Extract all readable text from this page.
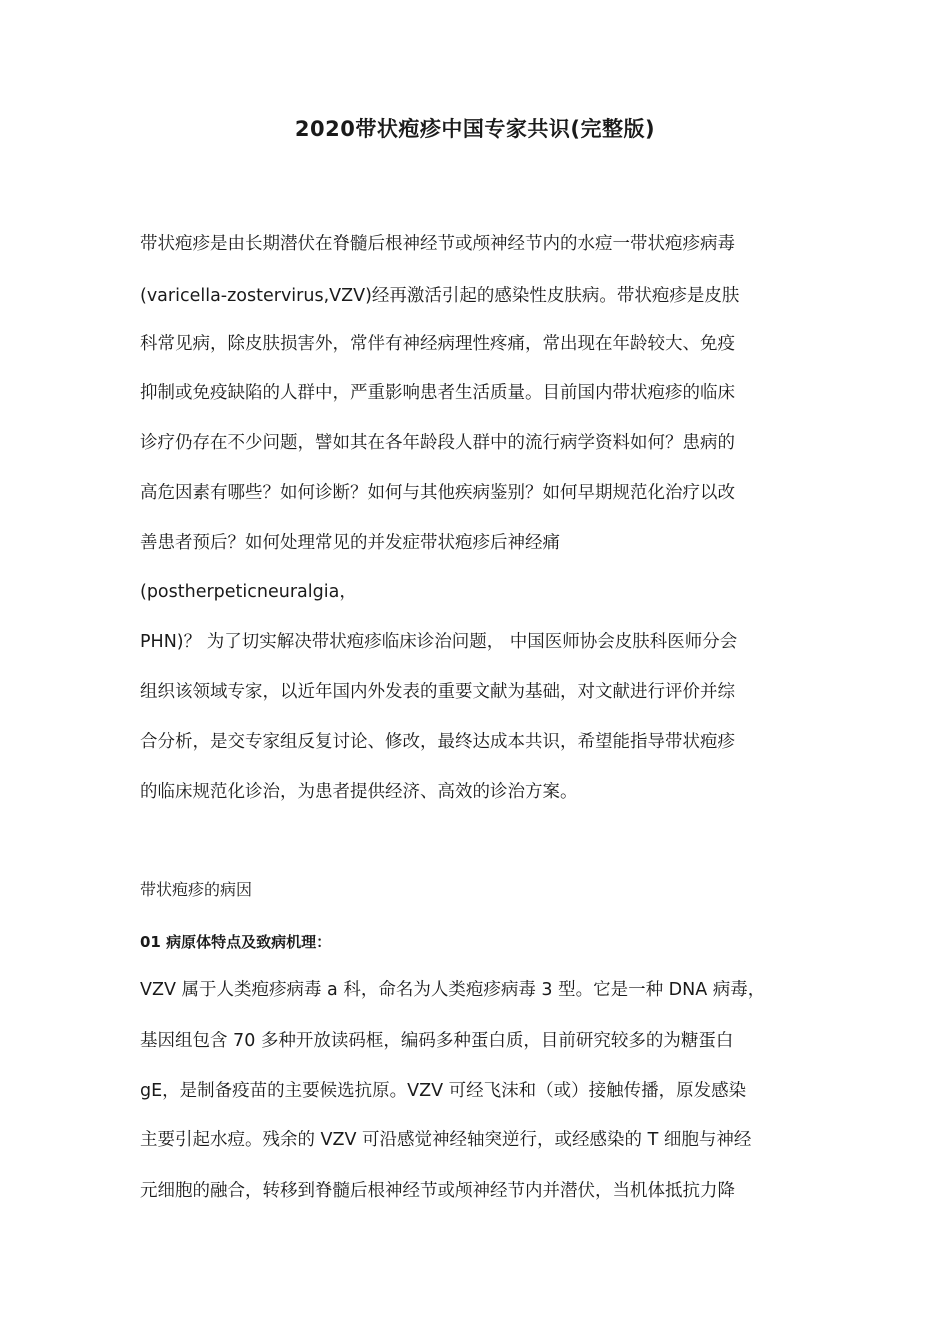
2020带状疱疹中国专家共识(完整版)
带状疱疹是由长期潜伏在脊髓后根神经节或颅神经节内的水痘一带状疱疹病毒
(varicella-zostervirus,VZV)经再激活引起的感染性皮肤病。带状疱疹是皮肤
科常见病，除皮肤损害外，常伴有神经病理性疼痛，常出现在年龄较大、免疫
抑制或免疫缺陷的人群中，严重影响患者生活质量。目前国内带状疱疹的临床
诊疗仍存在不少问题，譬如其在各年龄段人群中的流行病学资料如何？患病的
高危因素有哪些？如何诊断？如何与其他疾病鉴别？如何早期规范化治疗以改
善患者预后？如何处理常见的并发症带状疱疹后神经痛
(postherpeticneuralgia，
PHN)？ 为了切实解决带状疱疹临床诊治问题， 中国医师协会皮肤科医师分会
组织该领域专家，以近年国内外发表的重要文献为基础，对文献进行评价并综
合分析，是交专家组反复讨论、修改，最终达成本共识，希望能指导带状疱疹
的临床规范化诊治，为患者提供经济、高效的诊治方案。
带状疱疹的病因
01 病原体特点及致病机理：
VZV 属于人类疱疹病毒 a 科，命名为人类疱疹病毒 3 型。它是一种 DNA 病毒，
基因组包含 70 多种开放读码框，编码多种蛋白质，目前研究较多的为糖蛋白
gE，是制备疫苗的主要候选抗原。VZV 可经飞沫和（或）接触传播，原发感染
主要引起水痘。残余的 VZV 可沿感觉神经轴突逆行，或经感染的 T 细胞与神经
元细胞的融合，转移到脊髓后根神经节或颅神经节内并潜伏，当机体抵抗力降
